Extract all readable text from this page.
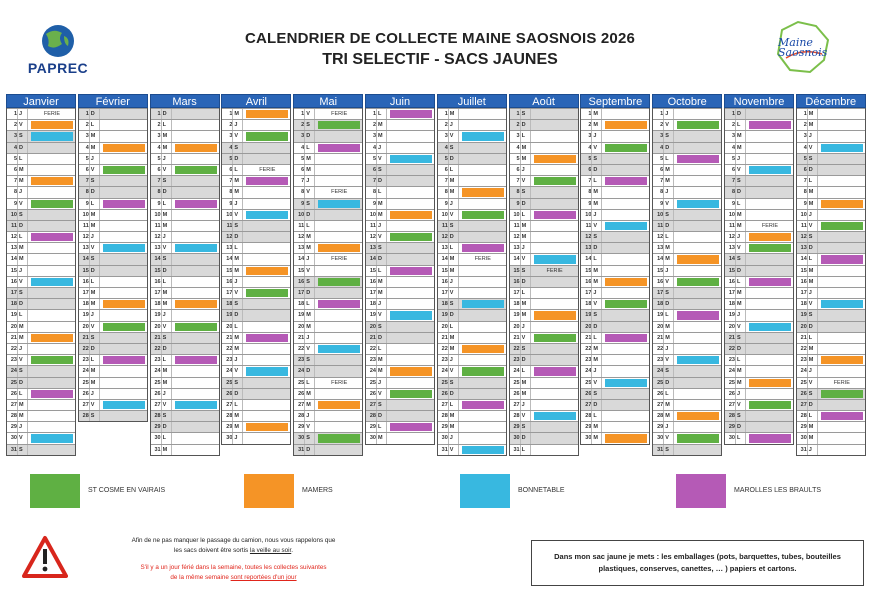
PAPREC
CALENDRIER DE COLLECTE MAINE SAOSNOIS 2026
TRI SELECTIF - SACS JAUNES
Maine
Saosnois
Janvier
1 J	FERIE
2 V
3 S
4 D
5 L
6 M
7 M
8 J
9 V
10 S
11 D
12 L
13 M
14 M
15 J
16 V
17 S
18 D
19 L
20 M
21 M
22 J
23 V
24 S
25 D
26 L
27 M
28 M
29 J
30 V
31 S
Février
1 D
2 L
3 M
4 M
5 J
6 V
7 S
8 D
9 L
10 M
11 M
12 J
13 V
14 S
15 D
16 L
17 M
18 M
19 J
20 V
21 S
22 D
23 L
24 M
25 M
26 J
27 V
28 S
Mars
1 D
2 L
3 M
4 M
5 J
6 V
7 S
8 D
9 L
10 M
11 M
12 J
13 V
14 S
15 D
16 L
17 M
18 M
19 J
20 V
21 S
22 D
23 L
24 M
25 M
26 J
27 V
28 S
29 D
30 L
31 M
Avril
1 M
2 J
3 V
4 S
5 D
6 L	FERIE
7 M
8 M
9 J
10 V
11 S
12 D
13 L
14 M
15 M
16 J
17 V
18 S
19 D
20 L
21 M
22 M
23 J
24 V
25 S
26 D
27 L
28 M
29 M
30 J
Mai
1 V	FERIE
2 S
3 D
4 L
5 M
6 M
7 J
8 V	FERIE
9 S
10 D
11 L
12 M
13 M
14 J	FERIE
15 V
16 S
17 D
18 L
19 M
20 M
21 J
22 V
23 S
24 D
25 L	FERIE
26 M
27 M
28 J
29 V
30 S
31 D
Juin
1 L
2 M
3 M
4 J
5 V
6 S
7 D
8 L
9 M
10 M
11 J
12 V
13 S
14 D
15 L
16 M
17 M
18 J
19 V
20 S
21 D
22 L
23 M
24 M
25 J
26 V
27 S
28 D
29 L
30 M
Juillet
1 M
2 J
3 V
4 S
5 D
6 L
7 M
8 M
9 J
10 V
11 S
12 D
13 L
14 M	FERIE
15 M
16 J
17 V
18 S
19 D
20 L
21 M
22 M
23 J
24 V
25 S
26 D
27 L
28 M
29 M
30 J
31 V
Août
1 S
2 D
3 L
4 M
5 M
6 J
7 V
8 S
9 D
10 L
11 M
12 M
13 J
14 V
15 S	FERIE
16 D
17 L
18 M
19 M
20 J
21 V
22 S
23 D
24 L
25 M
26 M
27 J
28 V
29 S
30 D
31 L
Septembre
1 M
2 M
3 J
4 V
5 S
6 D
7 L
8 M
9 M
10 J
11 V
12 S
13 D
14 L
15 M
16 M
17 J
18 V
19 S
20 D
21 L
22 M
23 M
24 J
25 V
26 S
27 D
28 L
29 M
30 M
Octobre
1 J
2 V
3 S
4 D
5 L
6 M
7 M
8 J
9 V
10 S
11 D
12 L
13 M
14 M
15 J
16 V
17 S
18 D
19 L
20 M
21 M
22 J
23 V
24 S
25 D
26 L
27 M
28 M
29 J
30 V
31 S
Novembre
1 D
2 L
3 M
4 M
5 J
6 V
7 S
8 D
9 L
10 M
11 M	FERIE
12 J
13 V
14 S
15 D
16 L
17 M
18 M
19 J
20 V
21 S
22 D
23 L
24 M
25 M
26 J
27 V
28 S
29 D
30 L
Décembre
1 M
2 M
3 J
4 V
5 S
6 D
7 L
8 M
9 M
10 J
11 V
12 S
13 D
14 L
15 M
16 M
17 J
18 V
19 S
20 D
21 L
22 M
23 M
24 J
25 V	FERIE
26 S
27 D
28 L
29 M
30 M
31 J
ST COSME EN VAIRAIS	MAMERS	BONNETABLE	MAROLLES LES BRAULTS
Afin de ne pas manquer le passage du camion, nous vous rappelons que
les sacs doivent être sortis la veille au soir.
S'il y a un jour férié dans la semaine, toutes les collectes suivantes
de la même semaine sont reportées d'un jour
Dans mon sac jaune je mets : les emballages (pots, barquettes, tubes, bouteilles
plastiques, conserves, canettes, … ) papiers et cartons.
